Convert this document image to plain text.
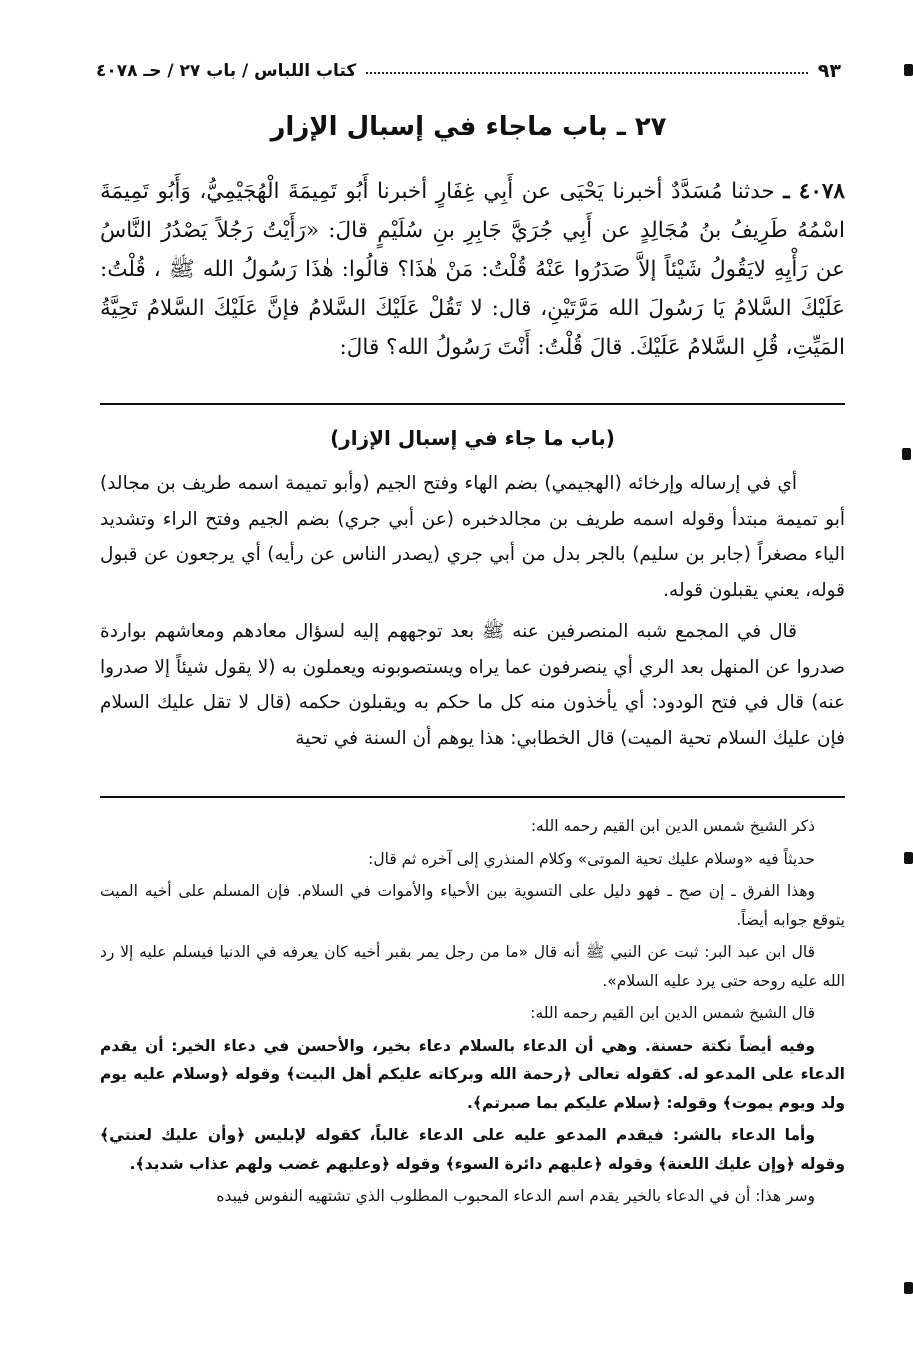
كتاب اللباس / باب ٢٧ / حـ ٤٠٧٨	٩٣
٢٧ ـ باب ماجاء في إسبال الإزار
٤٠٧٨ ـ حدثنا مُسَدَّدٌ أخبرنا يَحْيَى عن أَبِي غِفَارٍ أخبرنا أَبُو تَمِيمَةَ الْهُجَيْمِيُّ، وَأَبُو تَمِيمَةَ اسْمُهُ طَرِيفُ بنُ مُجَالِدٍ عن أَبِي جُرَيَّ جَابِرِ بنِ سُلَيْمٍ قالَ: «رَأَيْتُ رَجُلاً يَصْدُرُ النَّاسُ عن رَأْيِهِ لايَقُولُ شَيْئاً إلاَّ صَدَرُوا عَنْهُ قُلْتُ: مَنْ هٰذَا؟ قالُوا: هٰذَا رَسُولُ الله ﷺ ، قُلْتُ: عَلَيْكَ السَّلامُ يَا رَسُولَ الله مَرَّتَيْنِ، قال: لا تَقُلْ عَلَيْكَ السَّلامُ فإنَّ عَلَيْكَ السَّلامُ تَحِيَّةُ المَيِّتِ، قُلِ السَّلامُ عَلَيْكَ. قالَ قُلْتُ: أَنْتَ رَسُولُ الله؟ قالَ:
(باب ما جاء في إسبال الإزار)

أي في إرساله وإرخائه (الهجيمي) بضم الهاء وفتح الجيم (وأبو تميمة اسمه طريف بن مجالد) أبو تميمة مبتدأ وقوله اسمه طريف بن مجالدخبره (عن أبي جري) بضم الجيم وفتح الراء وتشديد الياء مصغراً (جابر بن سليم) بالجر بدل من أبي جري (يصدر الناس عن رأيه) أي يرجعون عن قبول قوله، يعني يقبلون قوله.

قال في المجمع شبه المنصرفين عنه ﷺ بعد توجههم إليه لسؤال معادهم ومعاشهم بواردة صدروا عن المنهل بعد الري أي ينصرفون عما يراه ويستصوبونه ويعملون به (لا يقول شيئاً إلا صدروا عنه) قال في فتح الودود: أي يأخذون منه كل ما حكم به ويقبلون حكمه (قال لا تقل عليك السلام فإن عليك السلام تحية الميت) قال الخطابي: هذا يوهم أن السنة في تحية

ذكر الشيخ شمس الدين ابن القيم رحمه الله:

حديثاً فيه «وسلام عليك تحية الموتى» وكلام المنذري إلى آخره ثم قال:

وهذا الفرق ـ إن صح ـ فهو دليل على التسوية بين الأحياء والأموات في السلام. فإن المسلم على أخيه الميت يتوقع جوابه أيضاً.

قال ابن عبد البر: ثبت عن النبي ﷺ أنه قال «ما من رجل يمر بقبر أخيه كان يعرفه في الدنيا فيسلم عليه إلا رد الله عليه روحه حتى يرد عليه السلام».

قال الشيخ شمس الدين ابن القيم رحمه الله:

وفيه أيضاً نكتة حسنة. وهي أن الدعاء بالسلام دعاء بخير، والأحسن في دعاء الخير: أن يقدم الدعاء على المدعو له. كقوله تعالى ﴿رحمة الله وبركاته عليكم أهل البيت﴾ وقوله ﴿وسلام عليه يوم ولد ويوم يموت﴾ وقوله: ﴿سلام عليكم بما صبرتم﴾.

وأما الدعاء بالشر: فيقدم المدعو عليه على الدعاء غالباً، كقوله لإبليس ﴿وأن عليك لعنتي﴾ وقوله ﴿وإن عليك اللعنة﴾ وقوله ﴿عليهم دائرة السوء﴾ وقوله ﴿وعليهم غضب ولهم عذاب شديد﴾.

وسر هذا: أن في الدعاء بالخير يقدم اسم الدعاء المحبوب المطلوب الذي تشتهيه النفوس فيبده
